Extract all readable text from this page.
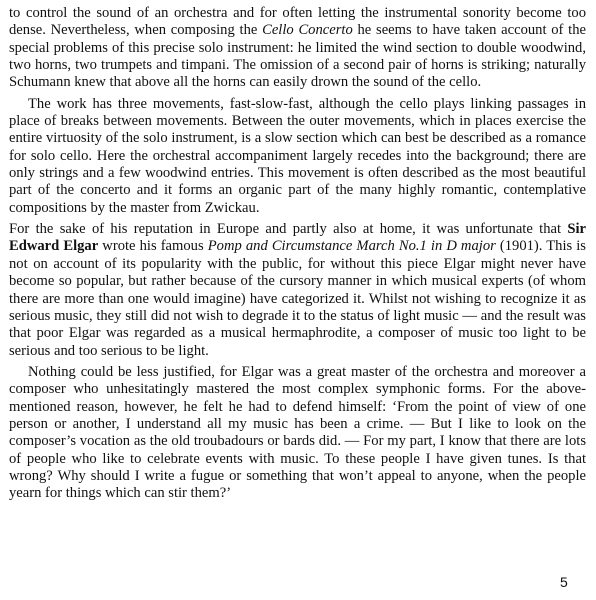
to control the sound of an orchestra and for often letting the instrumental sonority become too dense. Nevertheless, when composing the Cello Concerto he seems to have taken account of the special problems of this precise solo instrument: he limited the wind section to double woodwind, two horns, two trumpets and timpani. The omission of a second pair of horns is striking; naturally Schumann knew that above all the horns can easily drown the sound of the cello.

The work has three movements, fast-slow-fast, although the cello plays linking passages in place of breaks between movements. Between the outer movements, which in places exercise the entire virtuosity of the solo instrument, is a slow section which can best be described as a romance for solo cello. Here the orchestral accompaniment largely recedes into the background; there are only strings and a few woodwind entries. This movement is often described as the most beautiful part of the concerto and it forms an organic part of the many highly romantic, contemplative compositions by the master from Zwickau.

For the sake of his reputation in Europe and partly also at home, it was unfortunate that Sir Edward Elgar wrote his famous Pomp and Circumstance March No.1 in D major (1901). This is not on account of its popularity with the public, for without this piece Elgar might never have become so popular, but rather because of the cursory manner in which musical experts (of whom there are more than one would imagine) have categorized it. Whilst not wishing to recognize it as serious music, they still did not wish to degrade it to the status of light music — and the result was that poor Elgar was regarded as a musical hermaphrodite, a composer of music too light to be serious and too serious to be light.

Nothing could be less justified, for Elgar was a great master of the orchestra and moreover a composer who unhesitatingly mastered the most complex symphonic forms. For the above-mentioned reason, however, he felt he had to defend himself: ‘From the point of view of one person or another, I understand all my music has been a crime. — But I like to look on the composer’s vocation as the old troubadours or bards did. — For my part, I know that there are lots of people who like to celebrate events with music. To these people I have given tunes. Is that wrong? Why should I write a fugue or something that won’t appeal to anyone, when the people yearn for things which can stir them?’

5
